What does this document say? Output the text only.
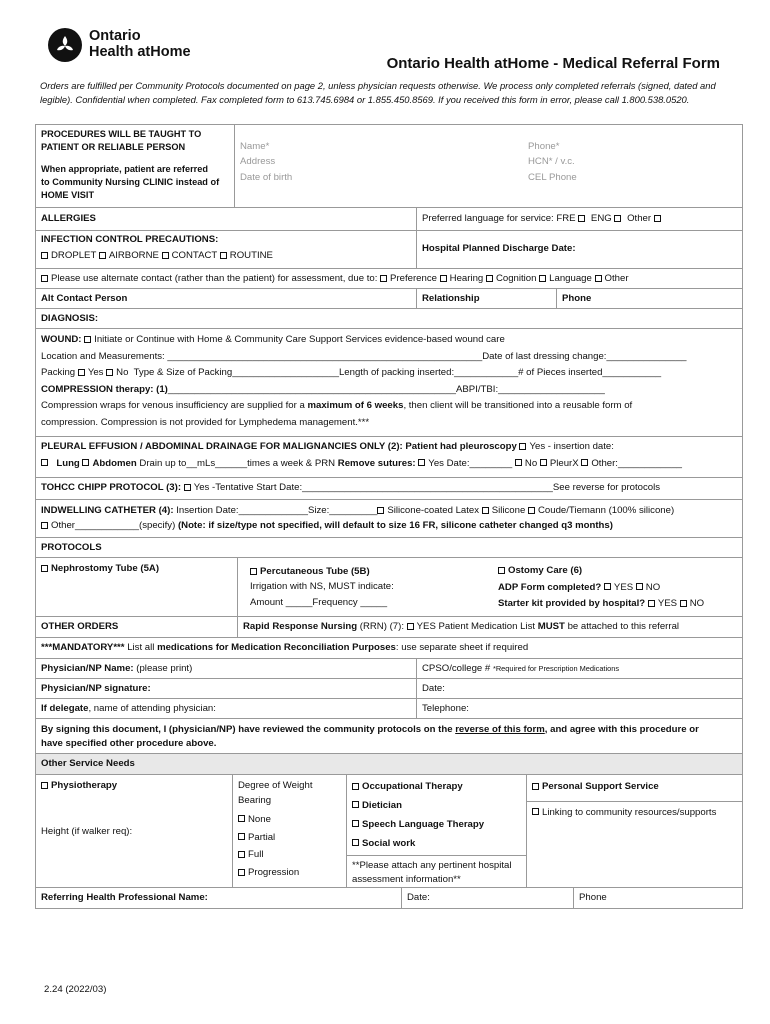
Ontario
Health atHome
Ontario Health atHome - Medical Referral Form
Orders are fulfilled per Community Protocols documented on page 2, unless physician requests otherwise. We process only completed referrals (signed, dated and legible). Confidential when completed. Fax completed form to 613.745.6984 or 1.855.450.8569. If you received this form in error, please call 1.800.538.0520.
PROCEDURES WILL BE TAUGHT TO
PATIENT OR RELIABLE PERSON
When appropriate, patient are referred
to Community Nursing CLINIC instead of
HOME VISIT
Name*
Address
Date of birth
Phone*
HCN* / v.c.
CEL Phone
ALLERGIES	Preferred language for service: FRE ENG Other
INFECTION CONTROL PRECAUTIONS:
DROPLET AIRBORNE CONTACT ROUTINE
Hospital Planned Discharge Date:
Please use alternate contact (rather than the patient) for assessment, due to: Preference Hearing Cognition Language Other
Alt Contact Person	Relationship	Phone
DIAGNOSIS:
WOUND: Initiate or Continue with Home & Community Care Support Services evidence-based wound care
Location and Measurements: ___________________________________________________________Date of last dressing change:_______________
Packing Yes No Type & Size of Packing____________________Length of packing inserted:____________# of Pieces inserted___________
COMPRESSION therapy: (1)______________________________________________________ABPI/TBI:____________________
Compression wraps for venous insufficiency are supplied for a maximum of 6 weeks, then client will be transitioned into a reusable form of
compression. Compression is not provided for Lymphedema management.***
PLEURAL EFFUSION / ABDOMINAL DRAINAGE FOR MALIGNANCIES ONLY (2): Patient had pleuroscopy Yes - insertion date:
Lung Abdomen Drain up to__mLs______times a week & PRN Remove sutures: Yes Date:________ No PleurX Other:____________
TOHCC CHIPP PROTOCOL (3): Yes -Tentative Start Date:_______________________________________________See reverse for protocols
INDWELLING CATHETER (4): Insertion Date:_____________Size:_________ Silicone-coated Latex Silicone Coude/Tiemann (100% silicone)
Other____________(specify) (Note: if size/type not specified, will default to size 16 FR, silicone catheter changed q3 months)
PROTOCOLS
Nephrostomy Tube (5A)	Percutaneous Tube (5B)
Irrigation with NS, MUST indicate:
Amount _____Frequency _____
Ostomy Care (6)
ADP Form completed? YES NO
Starter kit provided by hospital? YES NO
OTHER ORDERS	Rapid Response Nursing (RRN) (7): YES Patient Medication List MUST be attached to this referral
***MANDATORY*** List all medications for Medication Reconciliation Purposes: use separate sheet if required
Physician/NP Name: (please print)	CPSO/college # *Required for Prescription Medications
Physician/NP signature:	Date:
If delegate, name of attending physician:	Telephone:
By signing this document, I (physician/NP) have reviewed the community protocols on the reverse of this form, and agree with this procedure or
have specified other procedure above.
Other Service Needs
Physiotherapy
Height (if walker req):
Degree of Weight Bearing
None
Partial
Full
Progression
Occupational Therapy
Dietician
Speech Language Therapy
Social work
**Please attach any pertinent hospital assessment information**
Personal Support Service
Linking to community resources/supports
Referring Health Professional Name:	Date:	Phone
2.24 (2022/03)
